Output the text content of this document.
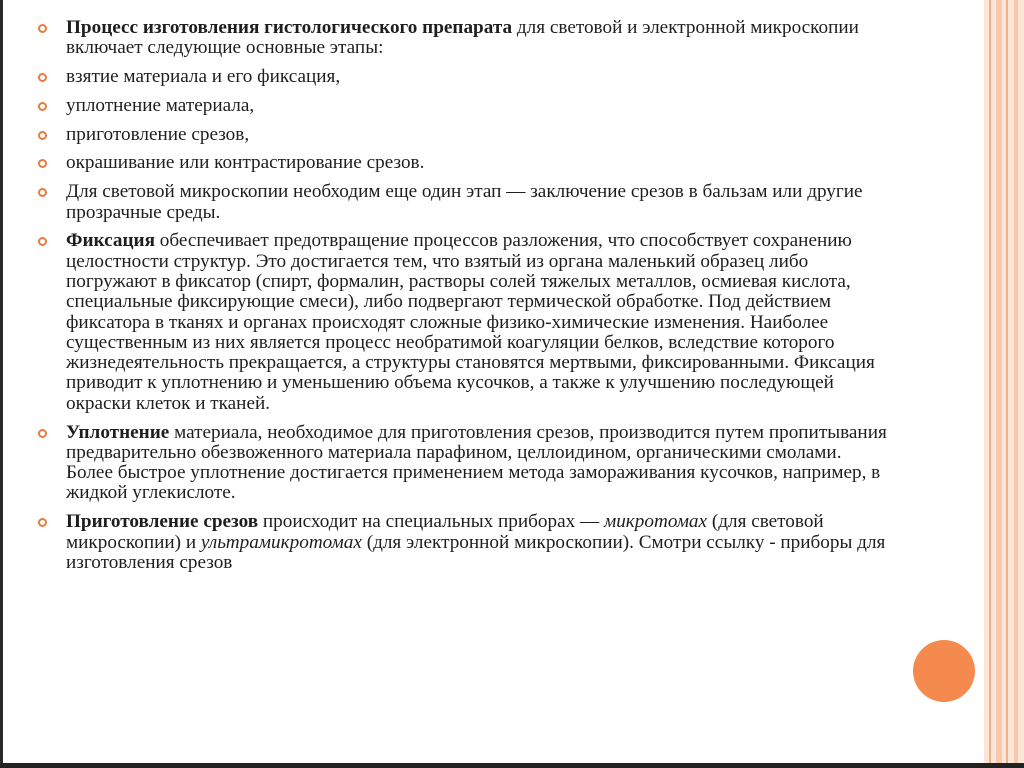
Процесс изготовления гистологического препарата для световой и электронной микроскопии включает следующие основные этапы:
взятие материала и его фиксация,
уплотнение материала,
приготовление срезов,
окрашивание или контрастирование срезов.
Для световой микроскопии необходим еще один этап — заключение срезов в бальзам или другие прозрачные среды.
Фиксация обеспечивает предотвращение процессов разложения, что способствует сохранению целостности структур. Это достигается тем, что взятый из органа маленький образец либо погружают в фиксатор (спирт, формалин, растворы солей тяжелых металлов, осмиевая кислота, специальные фиксирующие смеси), либо подвергают термической обработке. Под действием фиксатора в тканях и органах происходят сложные физико-химические изменения. Наиболее существенным из них является процесс необратимой коагуляции белков, вследствие которого жизнедеятельность прекращается, а структуры становятся мертвыми, фиксированными. Фиксация приводит к уплотнению и уменьшению объема кусочков, а также к улучшению последующей окраски клеток и тканей.
Уплотнение материала, необходимое для приготовления срезов, производится путем пропитывания предварительно обезвоженного материала парафином, целлоидином, органическими смолами. Более быстрое уплотнение достигается применением метода замораживания кусочков, например, в жидкой углекислоте.
Приготовление срезов происходит на специальных приборах — микротомах (для световой микроскопии) и ультрамикротомах (для электронной микроскопии). Смотри ссылку - приборы для изготовления срезов
